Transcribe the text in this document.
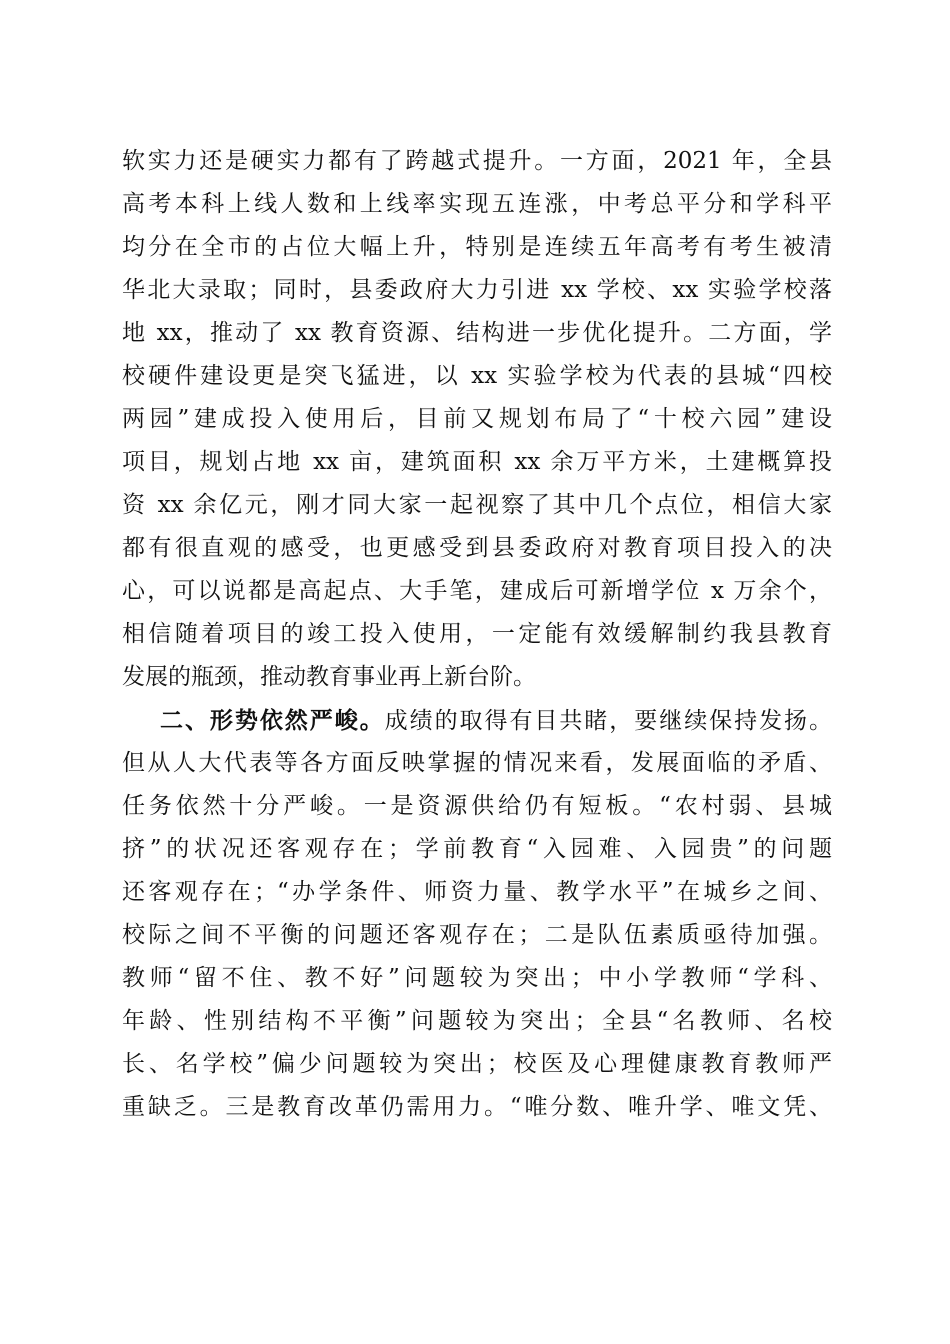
软实力还是硬实力都有了跨越式提升。一方面，2021 年，全县
高考本科上线人数和上线率实现五连涨，中考总平分和学科平
均分在全市的占位大幅上升，特别是连续五年高考有考生被清
华北大录取；同时，县委政府大力引进 xx 学校、xx 实验学校落
地 xx，推动了 xx 教育资源、结构进一步优化提升。二方面，学
校硬件建设更是突飞猛进，以 xx 实验学校为代表的县城“四校
两园”建成投入使用后，目前又规划布局了“十校六园”建设
项目，规划占地 xx 亩，建筑面积 xx 余万平方米，土建概算投
资 xx 余亿元，刚才同大家一起视察了其中几个点位，相信大家
都有很直观的感受，也更感受到县委政府对教育项目投入的决
心，可以说都是高起点、大手笔，建成后可新增学位 x 万余个，
相信随着项目的竣工投入使用，一定能有效缓解制约我县教育
发展的瓶颈，推动教育事业再上新台阶。
二、形势依然严峻。成绩的取得有目共睹，要继续保持发扬。
但从人大代表等各方面反映掌握的情况来看，发展面临的矛盾、
任务依然十分严峻。一是资源供给仍有短板。“农村弱、县城
挤”的状况还客观存在；学前教育“入园难、入园贵”的问题
还客观存在；“办学条件、师资力量、教学水平”在城乡之间、
校际之间不平衡的问题还客观存在；二是队伍素质亟待加强。
教师“留不住、教不好”问题较为突出；中小学教师“学科、
年龄、性别结构不平衡”问题较为突出；全县“名教师、名校
长、名学校”偏少问题较为突出；校医及心理健康教育教师严
重缺乏。三是教育改革仍需用力。“唯分数、唯升学、唯文凭、
